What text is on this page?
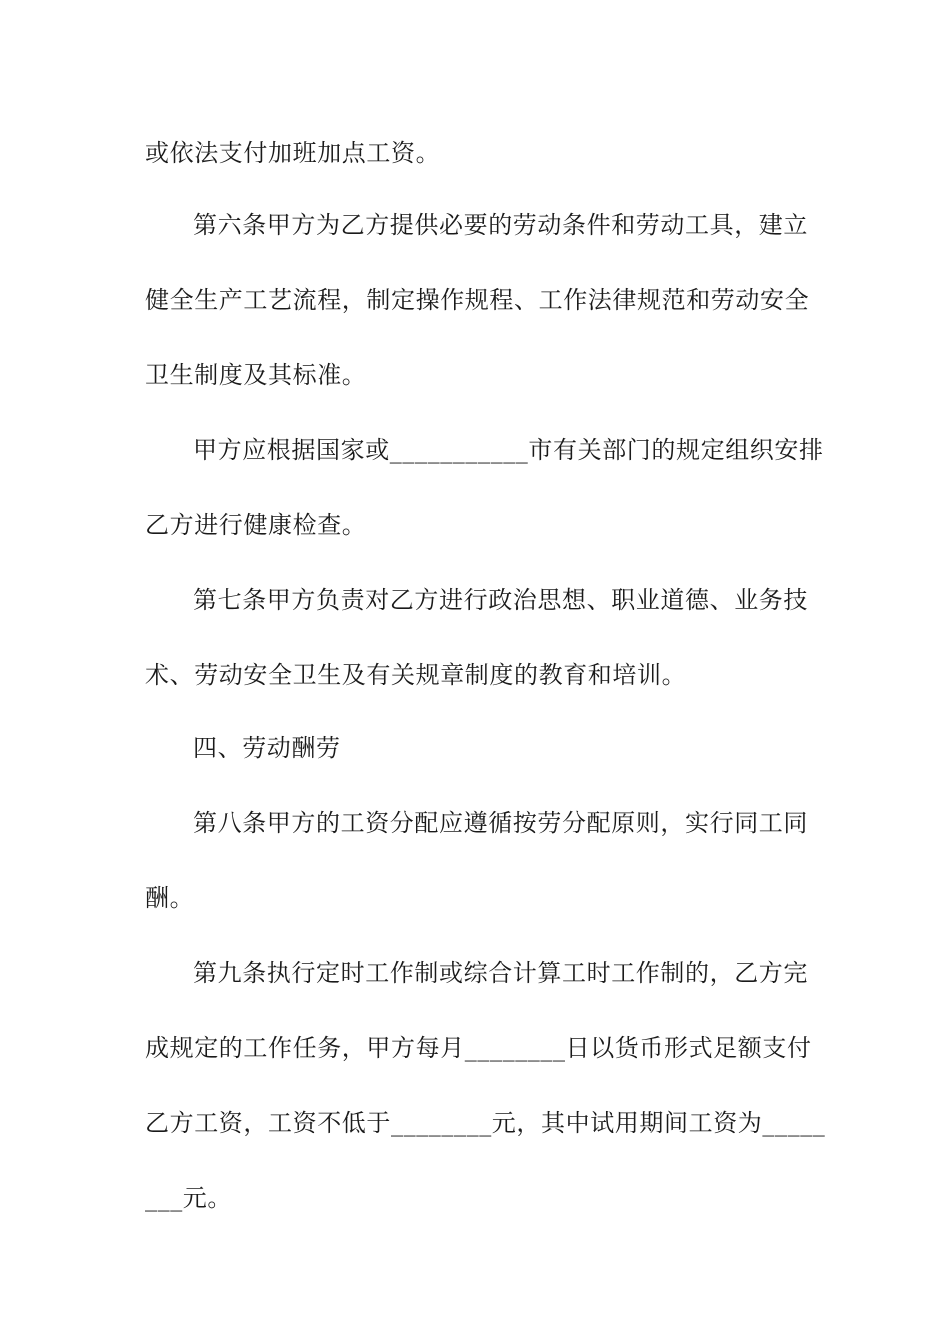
或依法支付加班加点工资。
第六条甲方为乙方提供必要的劳动条件和劳动工具，建立
健全生产工艺流程，制定操作规程、工作法律规范和劳动安全
卫生制度及其标准。
甲方应根据国家或___________市有关部门的规定组织安排
乙方进行健康检查。
第七条甲方负责对乙方进行政治思想、职业道德、业务技
术、劳动安全卫生及有关规章制度的教育和培训。
四、劳动酬劳
第八条甲方的工资分配应遵循按劳分配原则，实行同工同
酬。
第九条执行定时工作制或综合计算工时工作制的，乙方完
成规定的工作任务，甲方每月________日以货币形式足额支付
乙方工资，工资不低于________元，其中试用期间工资为_____
___元。
